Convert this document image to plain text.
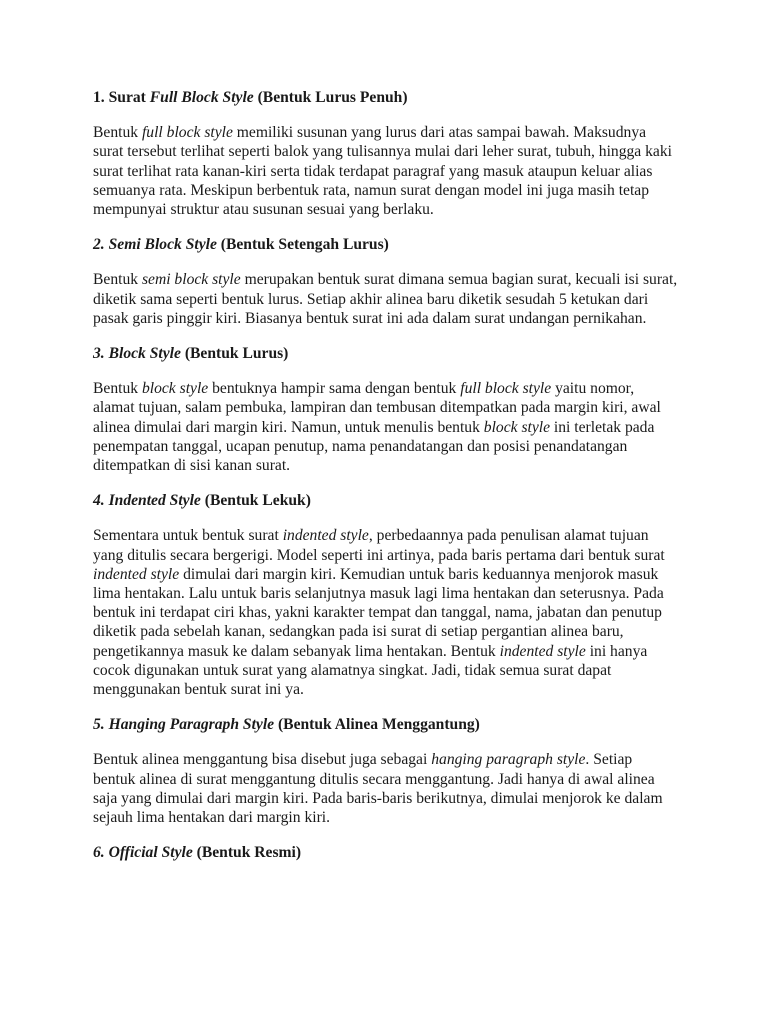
1. Surat Full Block Style (Bentuk Lurus Penuh)

Bentuk full block style memiliki susunan yang lurus dari atas sampai bawah. Maksudnya surat tersebut terlihat seperti balok yang tulisannya mulai dari leher surat, tubuh, hingga kaki surat terlihat rata kanan-kiri serta tidak terdapat paragraf yang masuk ataupun keluar alias semuanya rata. Meskipun berbentuk rata, namun surat dengan model ini juga masih tetap mempunyai struktur atau susunan sesuai yang berlaku.

2. Semi Block Style (Bentuk Setengah Lurus)

Bentuk semi block style merupakan bentuk surat dimana semua bagian surat, kecuali isi surat, diketik sama seperti bentuk lurus. Setiap akhir alinea baru diketik sesudah 5 ketukan dari pasak garis pinggir kiri. Biasanya bentuk surat ini ada dalam surat undangan pernikahan.

3. Block Style (Bentuk Lurus)

Bentuk block style bentuknya hampir sama dengan bentuk full block style yaitu nomor, alamat tujuan, salam pembuka, lampiran dan tembusan ditempatkan pada margin kiri, awal alinea dimulai dari margin kiri. Namun, untuk menulis bentuk block style ini terletak pada penempatan tanggal, ucapan penutup, nama penandatangan dan posisi penandatangan ditempatkan di sisi kanan surat.

4. Indented Style (Bentuk Lekuk)

Sementara untuk bentuk surat indented style, perbedaannya pada penulisan alamat tujuan yang ditulis secara bergerigi. Model seperti ini artinya, pada baris pertama dari bentuk surat indented style dimulai dari margin kiri. Kemudian untuk baris keduannya menjorok masuk lima hentakan. Lalu untuk baris selanjutnya masuk lagi lima hentakan dan seterusnya. Pada bentuk ini terdapat ciri khas, yakni karakter tempat dan tanggal, nama, jabatan dan penutup diketik pada sebelah kanan, sedangkan pada isi surat di setiap pergantian alinea baru, pengetikannya masuk ke dalam sebanyak lima hentakan. Bentuk indented style ini hanya cocok digunakan untuk surat yang alamatnya singkat. Jadi, tidak semua surat dapat menggunakan bentuk surat ini ya.

5. Hanging Paragraph Style (Bentuk Alinea Menggantung)

Bentuk alinea menggantung bisa disebut juga sebagai hanging paragraph style. Setiap bentuk alinea di surat menggantung ditulis secara menggantung. Jadi hanya di awal alinea saja yang dimulai dari margin kiri. Pada baris-baris berikutnya, dimulai menjorok ke dalam sejauh lima hentakan dari margin kiri.

6. Official Style (Bentuk Resmi)
